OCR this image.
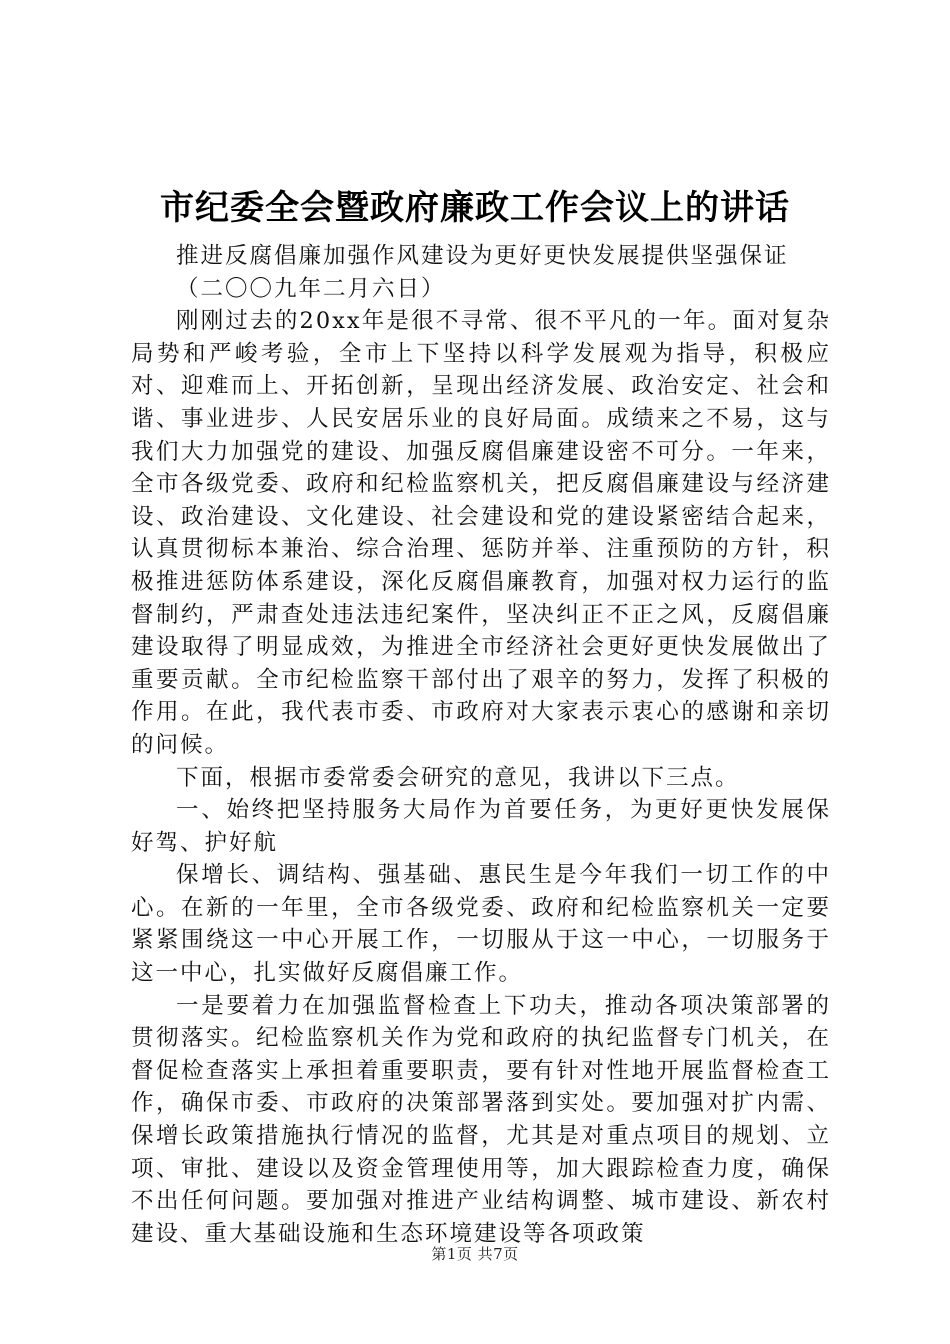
市纪委全会暨政府廉政工作会议上的讲话

推进反腐倡廉加强作风建设为更好更快发展提供坚强保证

（二〇〇九年二月六日）

刚刚过去的20xx年是很不寻常、很不平凡的一年。面对复杂局势和严峻考验，全市上下坚持以科学发展观为指导，积极应对、迎难而上、开拓创新，呈现出经济发展、政治安定、社会和谐、事业进步、人民安居乐业的良好局面。成绩来之不易，这与我们大力加强党的建设、加强反腐倡廉建设密不可分。一年来，全市各级党委、政府和纪检监察机关，把反腐倡廉建设与经济建设、政治建设、文化建设、社会建设和党的建设紧密结合起来，认真贯彻标本兼治、综合治理、惩防并举、注重预防的方针，积极推进惩防体系建设，深化反腐倡廉教育，加强对权力运行的监督制约，严肃查处违法违纪案件，坚决纠正不正之风，反腐倡廉建设取得了明显成效，为推进全市经济社会更好更快发展做出了重要贡献。全市纪检监察干部付出了艰辛的努力，发挥了积极的作用。在此，我代表市委、市政府对大家表示衷心的感谢和亲切的问候。

下面，根据市委常委会研究的意见，我讲以下三点。

一、始终把坚持服务大局作为首要任务，为更好更快发展保好驾、护好航

保增长、调结构、强基础、惠民生是今年我们一切工作的中心。在新的一年里，全市各级党委、政府和纪检监察机关一定要紧紧围绕这一中心开展工作，一切服从于这一中心，一切服务于这一中心，扎实做好反腐倡廉工作。

一是要着力在加强监督检查上下功夫，推动各项决策部署的贯彻落实。纪检监察机关作为党和政府的执纪监督专门机关，在督促检查落实上承担着重要职责，要有针对性地开展监督检查工作，确保市委、市政府的决策部署落到实处。要加强对扩内需、保增长政策措施执行情况的监督，尤其是对重点项目的规划、立项、审批、建设以及资金管理使用等，加大跟踪检查力度，确保不出任何问题。要加强对推进产业结构调整、城市建设、新农村建设、重大基础设施和生态环境建设等各项政策

第1页 共7页
